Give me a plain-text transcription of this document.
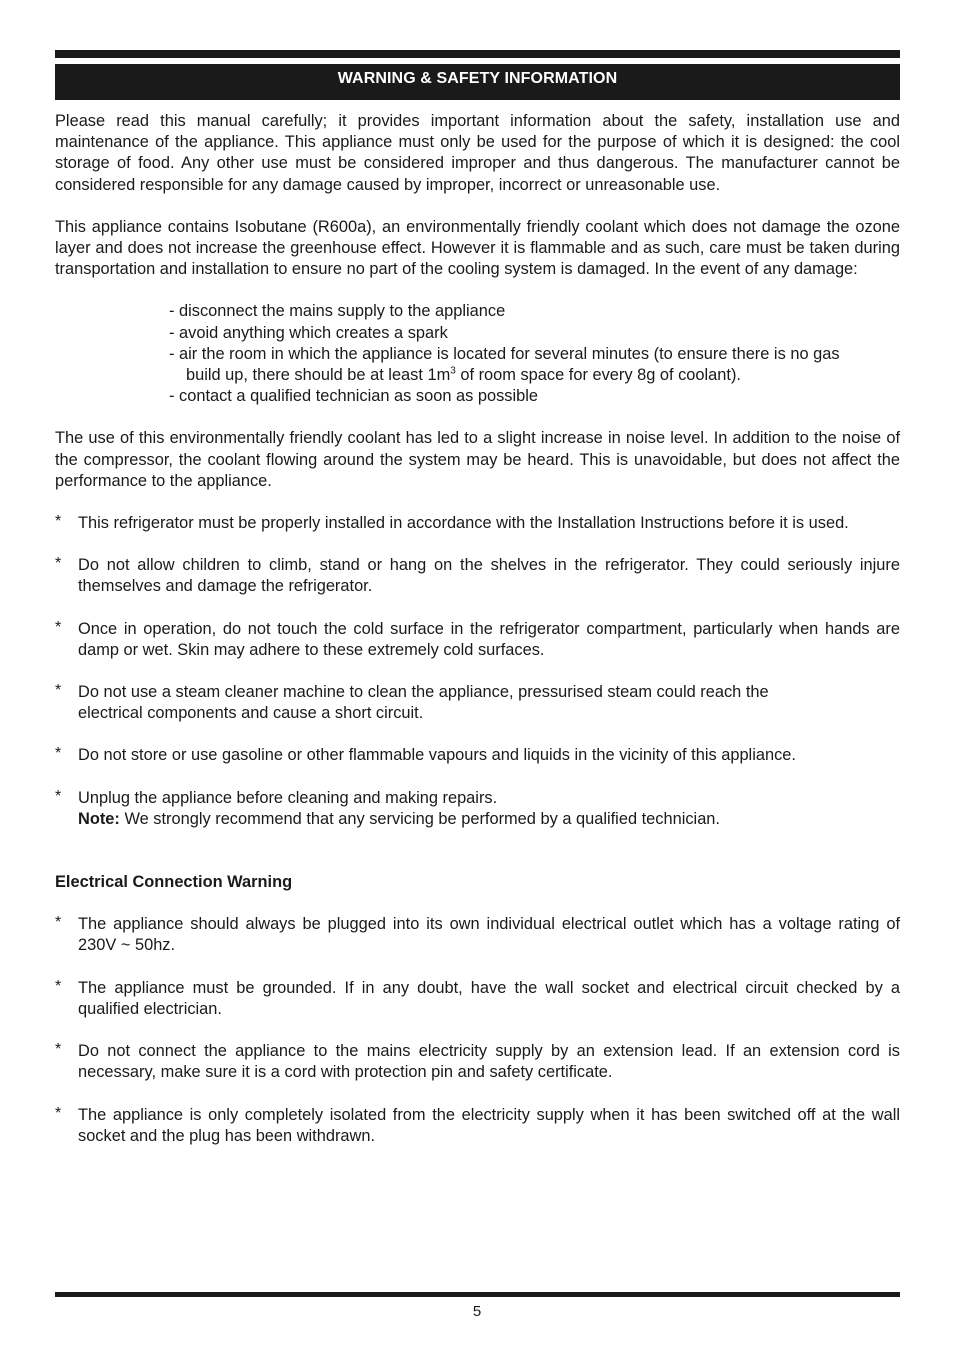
WARNING & SAFETY INFORMATION

Please read this manual carefully; it provides important information about the safety, installation use and maintenance of the appliance. This appliance must only be used for the purpose of which it is designed: the cool storage of food. Any other use must be considered improper and thus dangerous. The manufacturer cannot be considered responsible for any damage caused by improper, incorrect or unreasonable use.

This appliance contains Isobutane (R600a), an environmentally friendly coolant which does not damage the ozone layer and does not increase the greenhouse effect. However it is flammable and as such, care must be taken during transportation and installation to ensure no part of the cooling system is damaged. In the event of any damage:

- disconnect the mains supply to the appliance
- avoid anything which creates a spark
- air the room in which the appliance is located for several minutes (to ensure there is no gas
build up, there should be at least $1m^3$ of room space for every 8g of coolant).
- contact a qualified technician as soon as possible

The use of this environmentally friendly coolant has led to a slight increase in noise level. In addition to the noise of the compressor, the coolant flowing around the system may be heard. This is unavoidable, but does not affect the performance to the appliance.

* This refrigerator must be properly installed in accordance with the Installation Instructions before it is used.

* Do not allow children to climb, stand or hang on the shelves in the refrigerator. They could seriously injure themselves and damage the refrigerator.

* Once in operation, do not touch the cold surface in the refrigerator compartment, particularly when hands are damp or wet. Skin may adhere to these extremely cold surfaces.

* Do not use a steam cleaner machine to clean the appliance, pressurised steam could reach the
electrical components and cause a short circuit.
* Do not store or use gasoline or other flammable vapours and liquids in the vicinity of this appliance.

* Unplug the appliance before cleaning and making repairs.
Note: We strongly recommend that any servicing be performed by a qualified technician.
Electrical Connection Warning
* The appliance should always be plugged into its own individual electrical outlet which has a voltage rating of 230V ~ 50hz.

* The appliance must be grounded. If in any doubt, have the wall socket and electrical circuit checked by a qualified electrician.

* Do not connect the appliance to the mains electricity supply by an extension lead. If an extension cord is necessary, make sure it is a cord with protection pin and safety certificate.

* The appliance is only completely isolated from the electricity supply when it has been switched off at the wall socket and the plug has been withdrawn.

5
